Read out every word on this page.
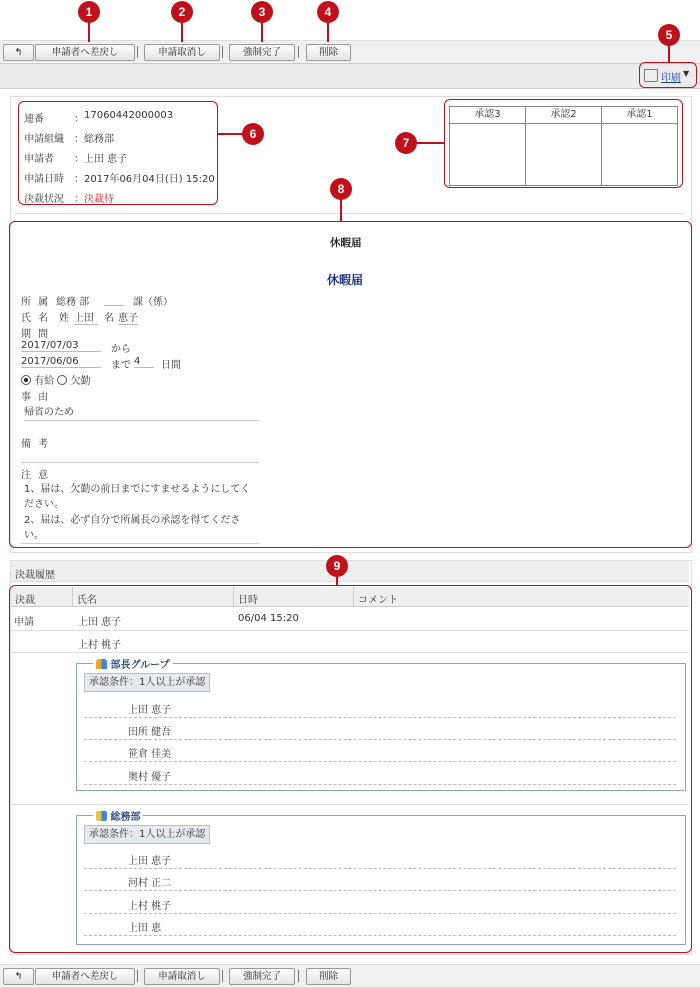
↰	申請者へ差戻し	申請取消し	強制完了	削除
1	2	3	4
印刷 ▼
5
連番	： 17060442000003
申請組織 ： 総務部
申請者 ： 上田 恵子
申請日時 ： 2017年06月04日(日) 15:20
決裁状況 ： 決裁待
6
承認3	承認2	承認1
7
8
休暇届
休暇届
所 属 総務 部	課（係）
氏 名 姓 上田	名 恵子
期 間
2017/07/03	から
2017/06/06	まで 4	日間
有給 欠勤
事 由
帰省のため
備 考
注 意
1、届は、欠勤の前日までにすませるようにしてください。
2、届は、必ず自分で所属長の承認を得てください。
決裁履歴
決裁	氏名	日時	コメント
9
申請	上田 恵子	06/04 15:20
上村 桃子
部長グループ
承認条件：1人以上が承認
上田 恵子
田所 健吾
笹倉 佳美
奥村 優子
総務部
承認条件：1人以上が承認
上田 恵子
河村 正二
上村 桃子
上田 恵
↰	申請者へ差戻し	申請取消し	強制完了	削除
